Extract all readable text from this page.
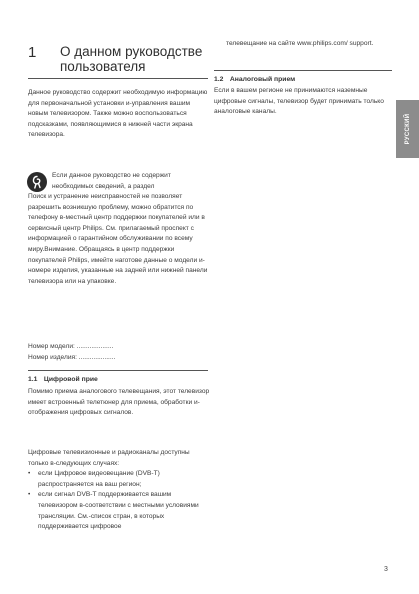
1 О данном руководстве пользователя

Данное руководство содержит необходимую информацию для первоначальной установки и-управления вашим новым телевизором. Также можно воспользоваться подсказками, появляющимися в нижней части экрана телевизора.

Если данное руководство не содержит

необходимых сведений, а раздел

Поиск и устранение неисправностей не позволяет разрешить возникшую проблему, можно обратится по телефону в-местный центр поддержки покупателей или в сервисный центр Philips. См. прилагаемый проспект с информацией о гарантийном обслуживании по всему миру.Внимание. Обращаясь в центр поддержки покупателей Philips, имейте наготове данные о модели и-номере изделия, указанные на задней или нижней панели телевизора или на упаковке.

Номер модели: ....................

Номер изделия: ....................

1.1 Цифровой прие

Помимо приема аналогового телевещания, этот телевизор имеет встроенный телетюнер для приема, обработки и-отображения цифровых сигналов.

Цифровые телевизионные и радиоканалы доступны только в-следующих случаях:

• если Цифровое видеовещание (DVB-T) распространяется на ваш регион;
• если сигнал DVB-T поддерживается вашим телевизором в-соответствии с местными условиями трансляции. См.-список стран, в которых поддерживается цифровое

телевещание на сайте www.philips.com/ support.

1.2 Аналоговый прием

Если в вашем регионе не принимаются наземные цифровые сигналы, телевизор будет принимать только аналоговые каналы.

РУССКИЙ
3
